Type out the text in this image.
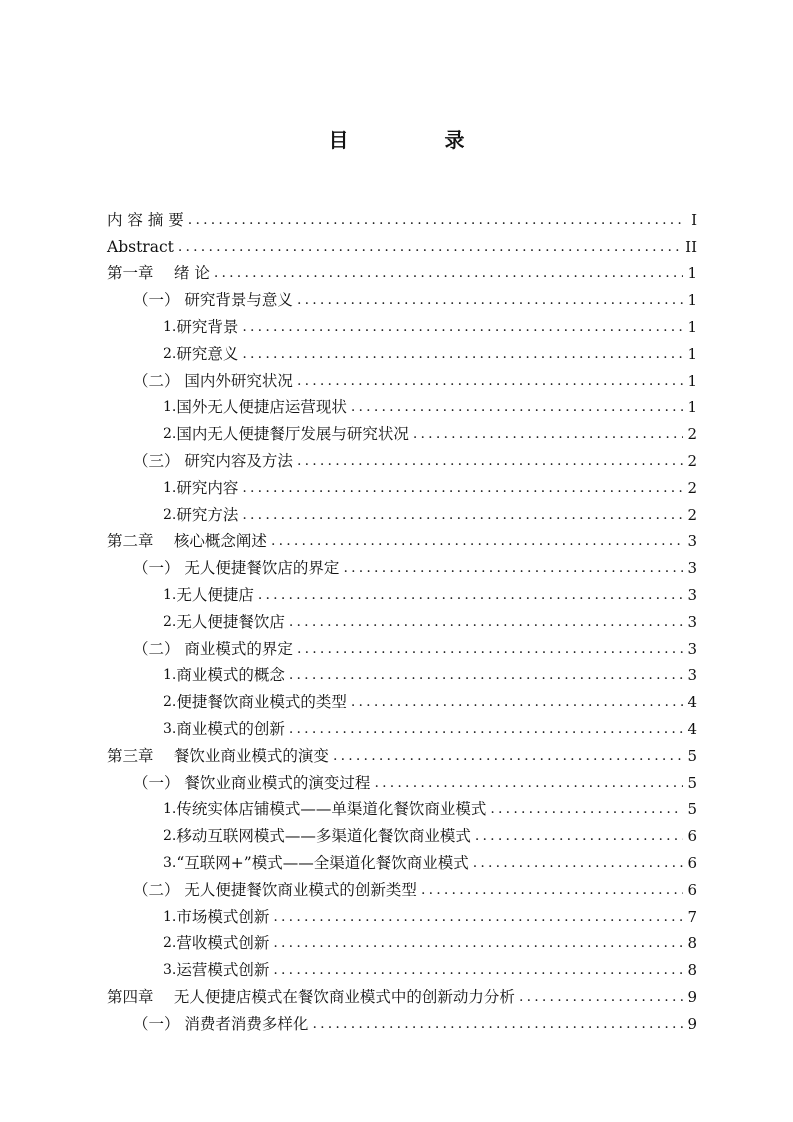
目　录
内 容 摘 要 .....	I
Abstract .....	II
第一章　 绪 论 .....	1
（一） 研究背景与意义 .....	1
1. 研究背景 .....	1
2. 研究意义 .....	1
（二） 国内外研究状况 .....	1
1. 国外无人便捷店运营现状 .....	1
2. 国内无人便捷餐厅发展与研究状况 .....	2
（三） 研究内容及方法 .....	2
1. 研究内容 .....	2
2. 研究方法 .....	2
第二章　 核心概念阐述 .....	3
（一） 无人便捷餐饮店的界定 .....	3
1. 无人便捷店 .....	3
2. 无人便捷餐饮店 .....	3
（二） 商业模式的界定 .....	3
1. 商业模式的概念 .....	3
2. 便捷餐饮商业模式的类型 .....	4
3. 商业模式的创新 .....	4
第三章　 餐饮业商业模式的演变 .....	5
（一） 餐饮业商业模式的演变过程 .....	5
1. 传统实体店铺模式——单渠道化餐饮商业模式 .....	5
2. 移动互联网模式——多渠道化餐饮商业模式 .....	6
3. “互联网+”模式——全渠道化餐饮商业模式 .....	6
（二） 无人便捷餐饮商业模式的创新类型 .....	6
1. 市场模式创新 .....	7
2. 营收模式创新 .....	8
3. 运营模式创新 .....	8
第四章　 无人便捷店模式在餐饮商业模式中的创新动力分析 .....	9
（一） 消费者消费多样化 .....	9
